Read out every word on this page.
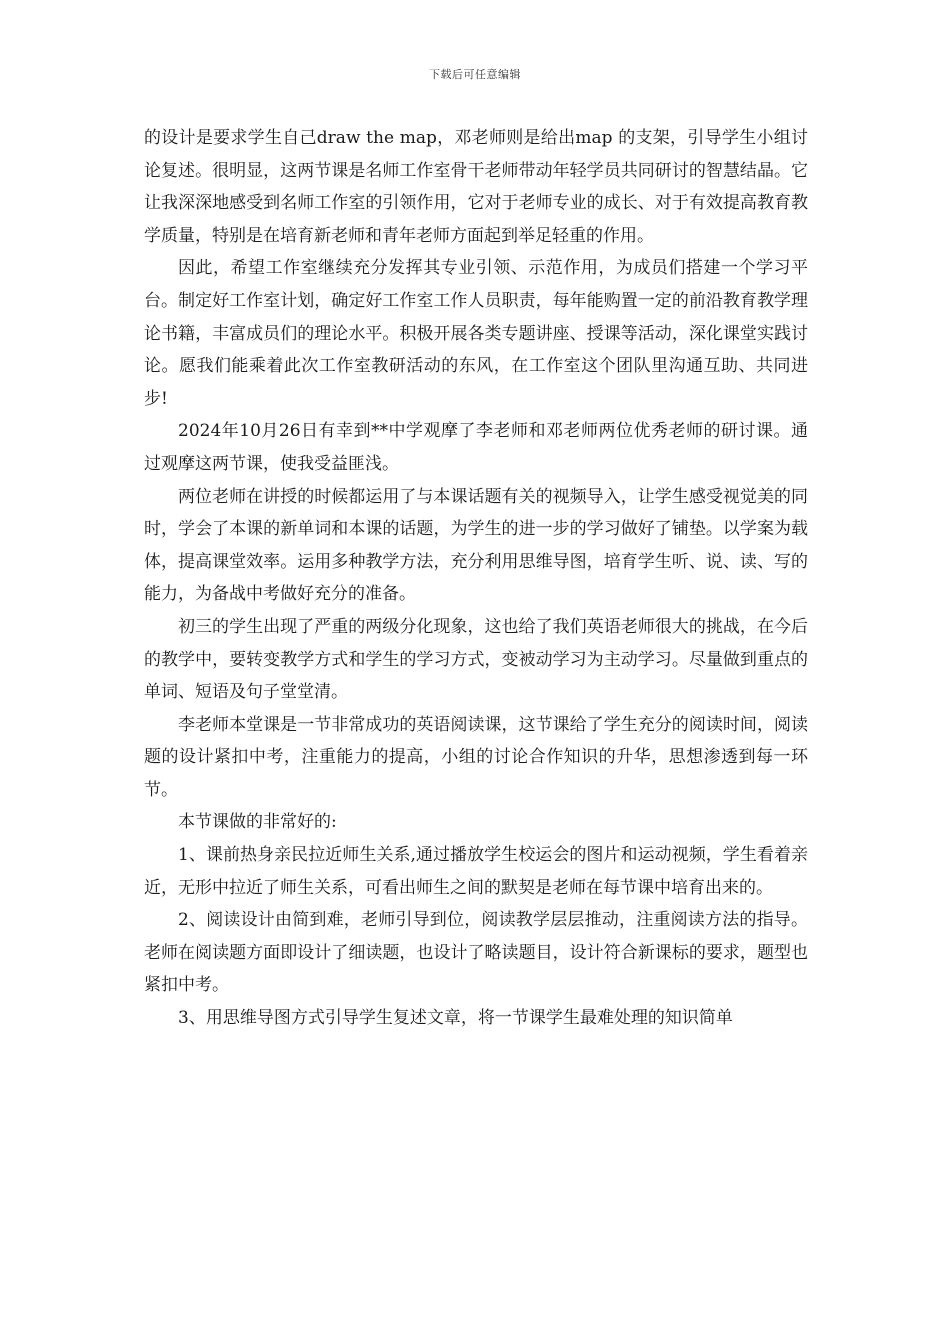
下载后可任意编辑

的设计是要求学生自己draw the map，邓老师则是给出map 的支架，引导学生小组讨论复述。很明显，这两节课是名师工作室骨干老师带动年轻学员共同研讨的智慧结晶。它让我深深地感受到名师工作室的引领作用，它对于老师专业的成长、对于有效提高教育教学质量，特别是在培育新老师和青年老师方面起到举足轻重的作用。

因此，希望工作室继续充分发挥其专业引领、示范作用，为成员们搭建一个学习平台。制定好工作室计划，确定好工作室工作人员职责，每年能购置一定的前沿教育教学理论书籍，丰富成员们的理论水平。积极开展各类专题讲座、授课等活动，深化课堂实践讨论。愿我们能乘着此次工作室教研活动的东风，在工作室这个团队里沟通互助、共同进步!

2024年10月26日有幸到**中学观摩了李老师和邓老师两位优秀老师的研讨课。通过观摩这两节课，使我受益匪浅。

两位老师在讲授的时候都运用了与本课话题有关的视频导入，让学生感受视觉美的同时，学会了本课的新单词和本课的话题，为学生的进一步的学习做好了铺垫。以学案为载体，提高课堂效率。运用多种教学方法，充分利用思维导图，培育学生听、说、读、写的能力，为备战中考做好充分的准备。

初三的学生出现了严重的两级分化现象，这也给了我们英语老师很大的挑战，在今后的教学中，要转变教学方式和学生的学习方式，变被动学习为主动学习。尽量做到重点的单词、短语及句子堂堂清。

李老师本堂课是一节非常成功的英语阅读课，这节课给了学生充分的阅读时间，阅读题的设计紧扣中考，注重能力的提高，小组的讨论合作知识的升华，思想渗透到每一环节。

本节课做的非常好的:

1、课前热身亲民拉近师生关系,通过播放学生校运会的图片和运动视频，学生看着亲近，无形中拉近了师生关系，可看出师生之间的默契是老师在每节课中培育出来的。

2、阅读设计由简到难，老师引导到位，阅读教学层层推动，注重阅读方法的指导。老师在阅读题方面即设计了细读题，也设计了略读题目，设计符合新课标的要求，题型也紧扣中考。

3、用思维导图方式引导学生复述文章，将一节课学生最难处理的知识简单
